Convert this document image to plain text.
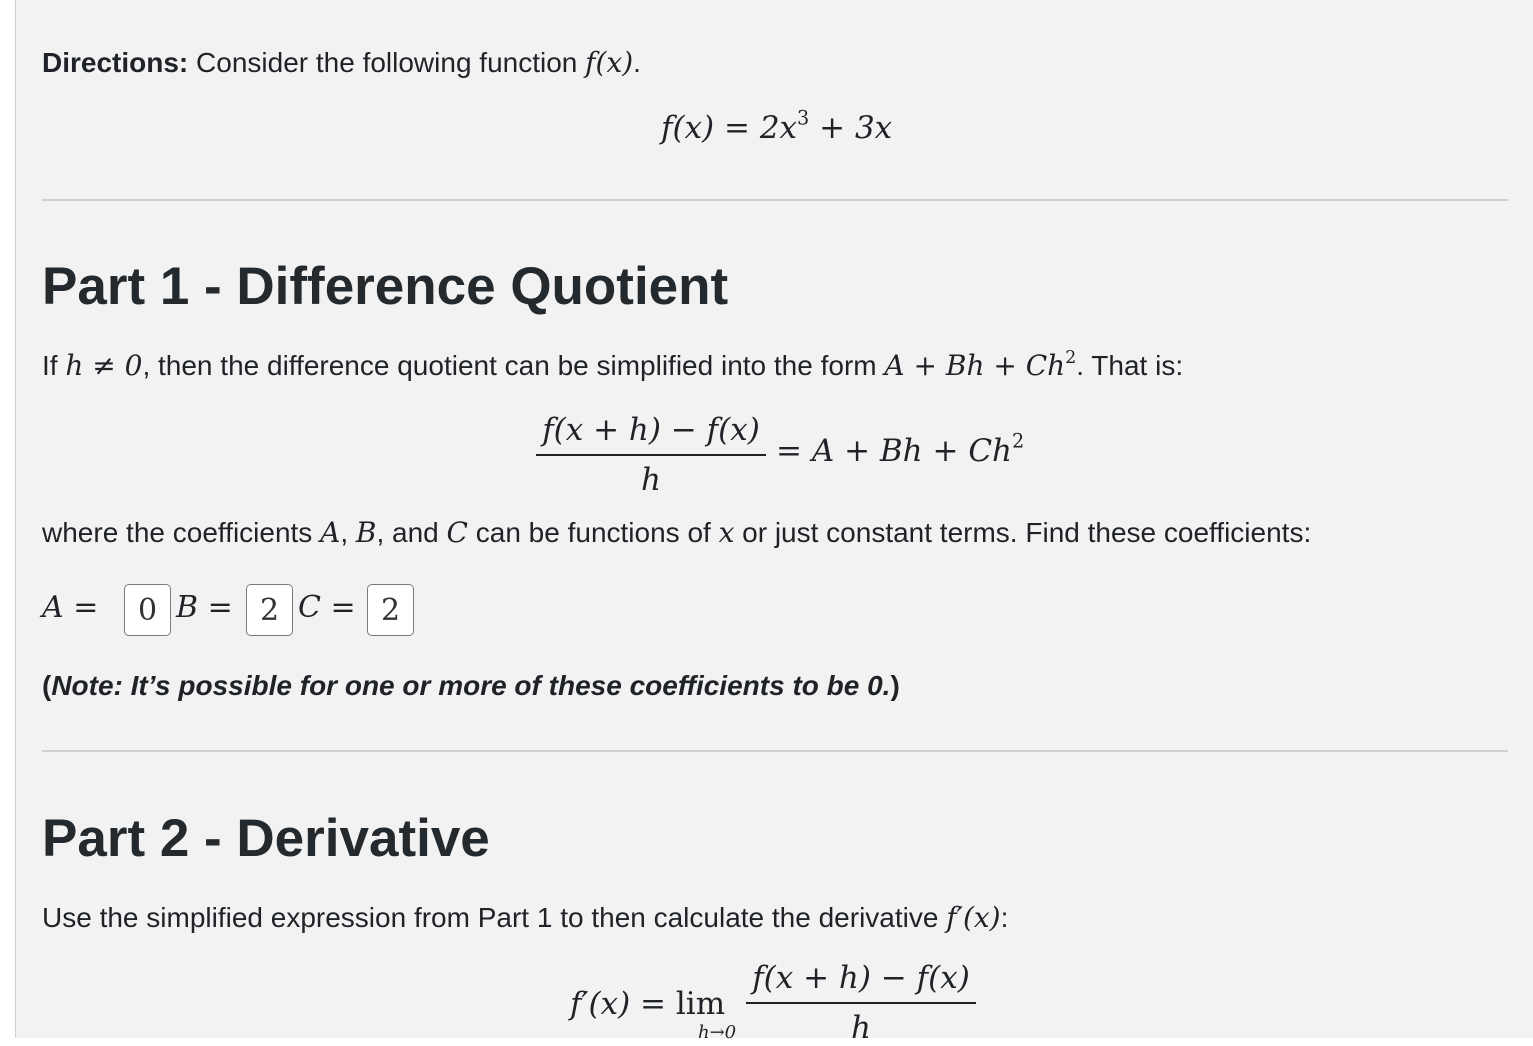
Directions: Consider the following function f(x).
$f(x) = 2x^3 + 3x$
Part 1 - Difference Quotient
If h ≠ 0, then the difference quotient can be simplified into the form $A + Bh + Ch^2$. That is:
$\frac{f(x + h) - f(x)}{h} = A + Bh + Ch^2$
where the coefficients A, B, and C can be functions of x or just constant terms. Find these coefficients:
A =	0 B = 2 C = 2
(Note: It’s possible for one or more of these coefficients to be 0.)
Part 2 - Derivative
Use the simplified expression from Part 1 to then calculate the derivative f′(x):
f′(x) = lim
$h\to 0 \frac{f(x + h) - f(x)}{h}$
